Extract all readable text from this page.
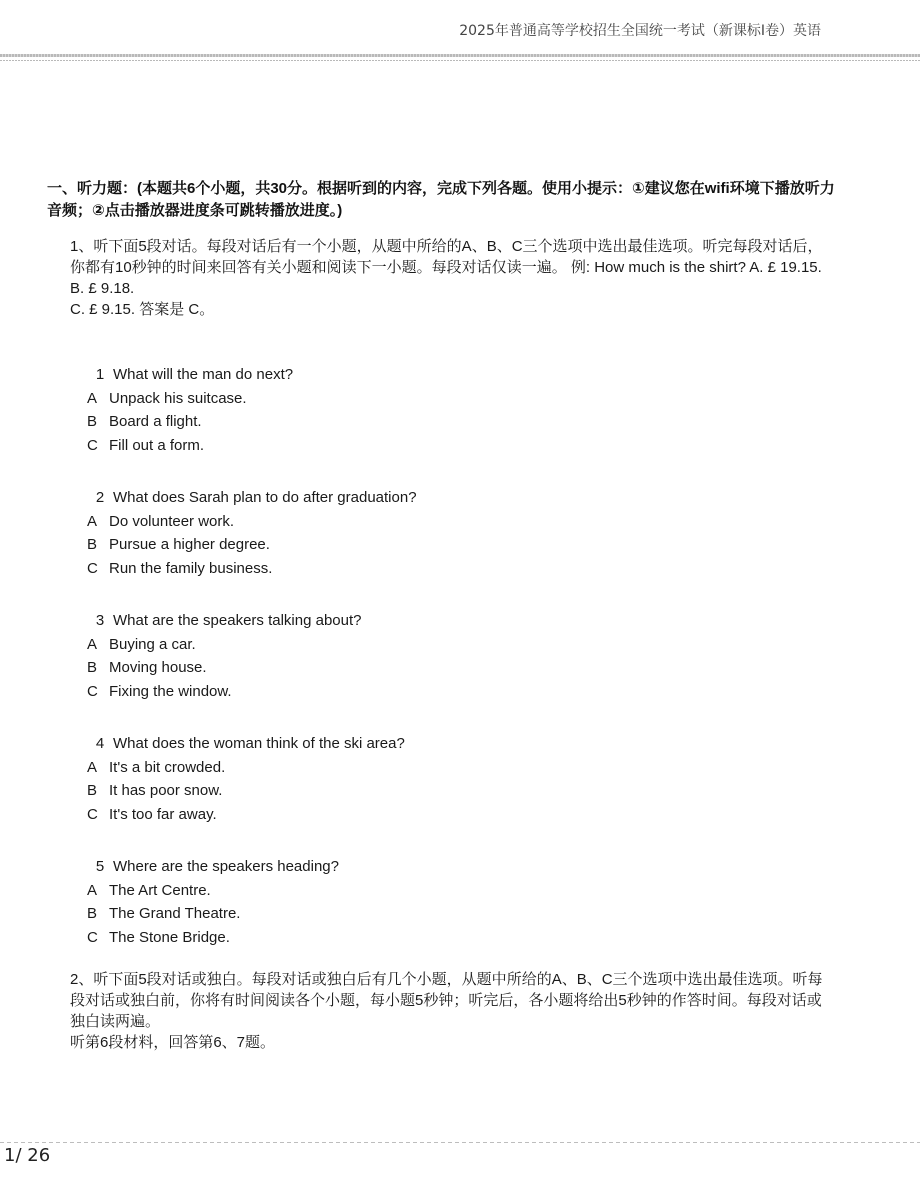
2025年普通高等学校招生全国统一考试（新课标I卷）英语
一、听力题：(本题共6个小题，共30分。根据听到的内容，完成下列各题。使用小提示：①建议您在wifi环境下播放听力音频；②点击播放器进度条可跳转播放进度。)

1、听下面5段对话。每段对话后有一个小题，从题中所给的A、B、C三个选项中选出最佳选项。听完每段对话后，你都有10秒钟的时间来回答有关小题和阅读下一小题。每段对话仅读一遍。 例: How much is the shirt? A. £ 19.15.

B. £ 9.18.

C. £ 9.15. 答案是 C。

1 What will the man do next?
A Unpack his suitcase.
B Board a flight.
C Fill out a form.
2 What does Sarah plan to do after graduation?
A Do volunteer work.
B Pursue a higher degree.
C Run the family business.
3 What are the speakers talking about?
A Buying a car.
B Moving house.
C Fixing the window.
4 What does the woman think of the ski area?
A It's a bit crowded.
B It has poor snow.
C It's too far away.
5 Where are the speakers heading?
A The Art Centre.
B The Grand Theatre.
C The Stone Bridge.

2、听下面5段对话或独白。每段对话或独白后有几个小题，从题中所给的A、B、C三个选项中选出最佳选项。听每段对话或独白前，你将有时间阅读各个小题，每小题5秒钟；听完后，各小题将给出5秒钟的作答时间。每段对话或独白读两遍。

听第6段材料，回答第6、7题。

1/ 26
